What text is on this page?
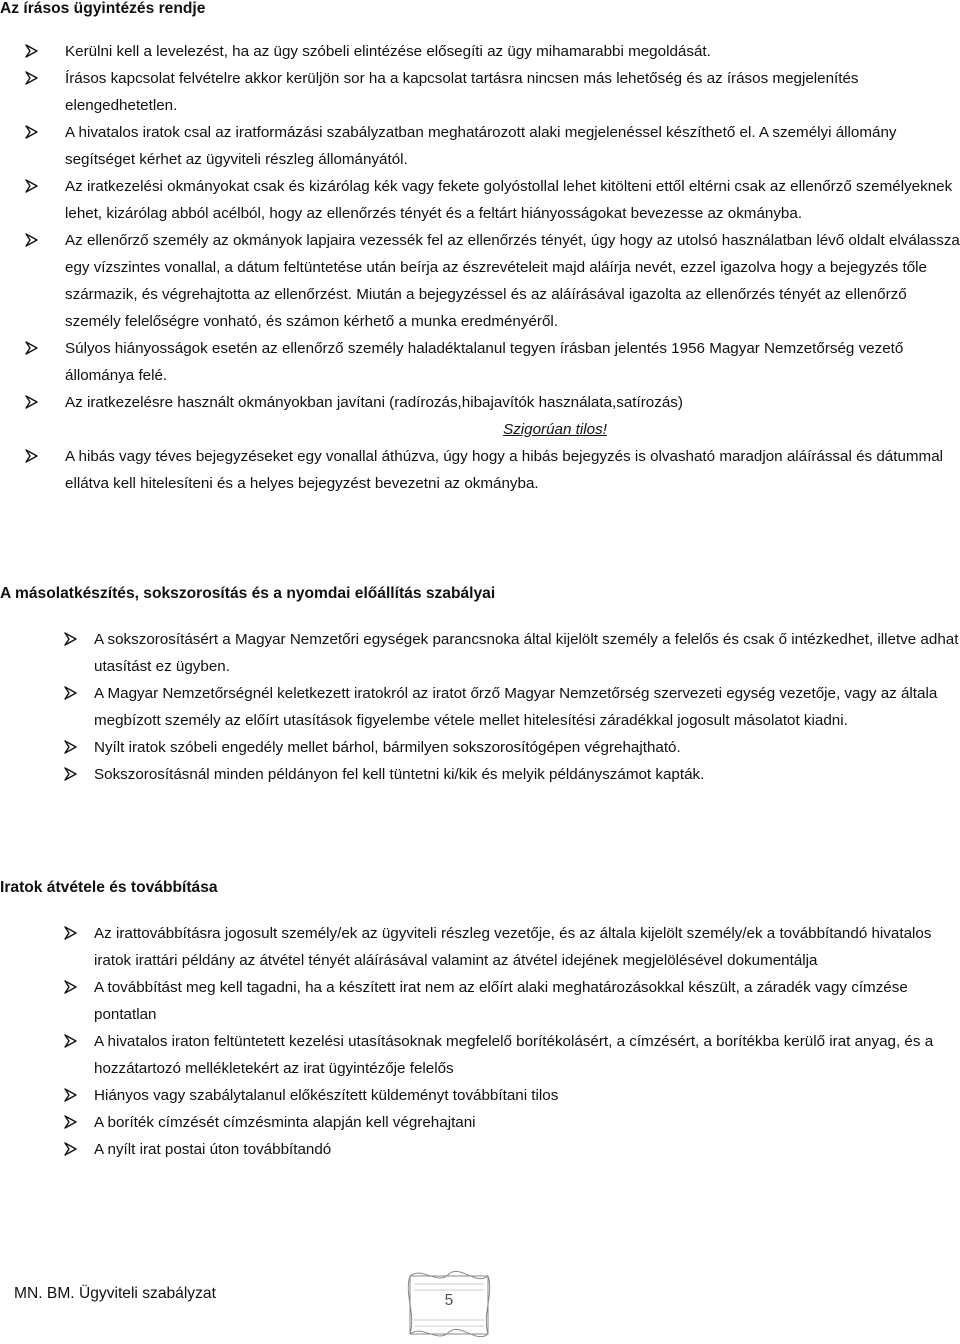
Az írásos ügyintézés rendje
Kerülni kell a levelezést, ha az ügy szóbeli elintézése elősegíti az ügy mihamarabbi megoldását.
Írásos kapcsolat felvételre akkor kerüljön sor ha a kapcsolat tartásra nincsen más lehetőség és az írásos megjelenítés elengedhetetlen.
A hivatalos iratok csal az iratformázási szabályzatban meghatározott alaki megjelenéssel készíthető el. A személyi állomány segítséget kérhet az ügyviteli részleg állományától.
Az iratkezelési okmányokat csak és kizárólag kék vagy fekete golyóstollal lehet kitölteni ettől eltérni csak az ellenőrző személyeknek lehet, kizárólag abból acélból, hogy az ellenőrzés tényét és a feltárt hiányosságokat bevezesse az okmányba.
Az ellenőrző személy az okmányok lapjaira vezessék fel az ellenőrzés tényét, úgy hogy az utolsó használatban lévő oldalt elválassza egy vízszintes vonallal, a dátum feltüntetése után beírja az észrevételeit majd aláírja nevét, ezzel igazolva hogy a bejegyzés tőle származik, és végrehajtotta az ellenőrzést. Miután a bejegyzéssel és az aláírásával igazolta az ellenőrzés tényét az ellenőrző személy felelőségre vonható, és számon kérhető a munka eredményéről.
Súlyos hiányosságok esetén az ellenőrző személy haladéktalanul tegyen írásban jelentés 1956 Magyar Nemzetőrség vezető állománya felé.
Az iratkezelésre használt okmányokban javítani (radírozás,hibajavítók használata,satírozás)
Szigorúan tilos!
A hibás vagy téves bejegyzéseket egy vonallal áthúzva, úgy hogy a hibás bejegyzés is olvasható maradjon aláírással és dátummal ellátva kell hitelesíteni és a helyes bejegyzést bevezetni az okmányba.
A másolatkészítés, sokszorosítás és a nyomdai előállítás szabályai
A sokszorosításért a Magyar Nemzetőri egységek parancsnoka által kijelölt személy a felelős és csak ő intézkedhet, illetve adhat utasítást ez ügyben.
A Magyar Nemzetőrségnél keletkezett iratokról az iratot őrző Magyar Nemzetőrség szervezeti egység vezetője, vagy az általa megbízott személy az előírt utasítások figyelembe vétele mellet hitelesítési záradékkal jogosult másolatot kiadni.
Nyílt iratok szóbeli engedély mellet bárhol, bármilyen sokszorosítógépen végrehajtható.
Sokszorosításnál minden példányon fel kell tüntetni ki/kik és melyik példányszámot kapták.
Iratok átvétele és továbbítása
Az irattovábbításra jogosult személy/ek az ügyviteli részleg vezetője, és az általa kijelölt személy/ek a továbbítandó hivatalos iratok irattári példány az átvétel tényét aláírásával valamint az átvétel idejének megjelölésével dokumentálja
A továbbítást meg kell tagadni, ha a készített irat nem az előírt alaki meghatározásokkal készült, a záradék vagy címzése pontatlan
A hivatalos iraton feltüntetett kezelési utasításoknak megfelelő borítékolásért, a címzésért, a borítékba kerülő irat anyag, és a hozzátartozó mellékletekért az irat ügyintézője felelős
Hiányos vagy szabálytalanul előkészített küldeményt továbbítani tilos
A boríték címzését címzésminta alapján kell végrehajtani
A nyílt irat postai úton továbbítandó
MN. BM. Ügyviteli szabályzat	5
